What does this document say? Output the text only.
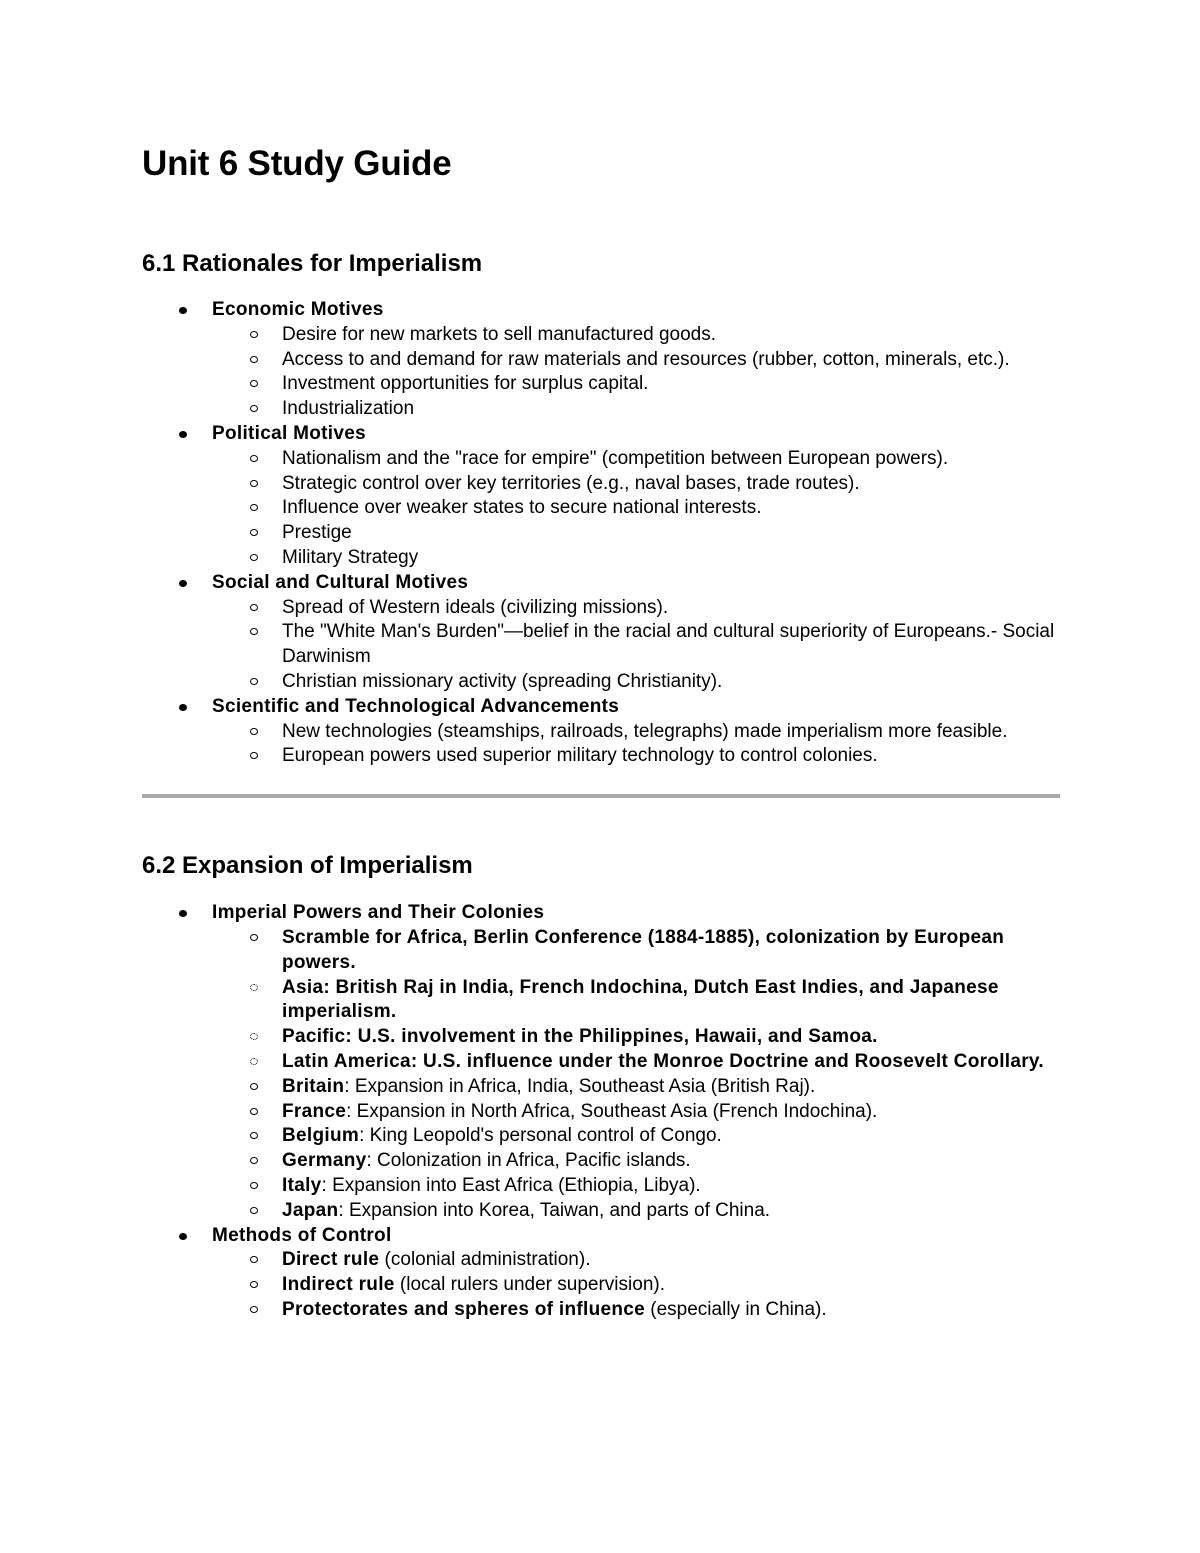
Unit 6 Study Guide
6.1 Rationales for Imperialism
Economic Motives
Desire for new markets to sell manufactured goods.
Access to and demand for raw materials and resources (rubber, cotton, minerals, etc.).
Investment opportunities for surplus capital.
Industrialization
Political Motives
Nationalism and the "race for empire" (competition between European powers).
Strategic control over key territories (e.g., naval bases, trade routes).
Influence over weaker states to secure national interests.
Prestige
Military Strategy
Social and Cultural Motives
Spread of Western ideals (civilizing missions).
The "White Man's Burden"—belief in the racial and cultural superiority of Europeans.- Social Darwinism
Christian missionary activity (spreading Christianity).
Scientific and Technological Advancements
New technologies (steamships, railroads, telegraphs) made imperialism more feasible.
European powers used superior military technology to control colonies.
6.2 Expansion of Imperialism
Imperial Powers and Their Colonies
Scramble for Africa, Berlin Conference (1884-1885), colonization by European powers.
Asia: British Raj in India, French Indochina, Dutch East Indies, and Japanese imperialism.
Pacific: U.S. involvement in the Philippines, Hawaii, and Samoa.
Latin America: U.S. influence under the Monroe Doctrine and Roosevelt Corollary.
Britain: Expansion in Africa, India, Southeast Asia (British Raj).
France: Expansion in North Africa, Southeast Asia (French Indochina).
Belgium: King Leopold's personal control of Congo.
Germany: Colonization in Africa, Pacific islands.
Italy: Expansion into East Africa (Ethiopia, Libya).
Japan: Expansion into Korea, Taiwan, and parts of China.
Methods of Control
Direct rule (colonial administration).
Indirect rule (local rulers under supervision).
Protectorates and spheres of influence (especially in China).
